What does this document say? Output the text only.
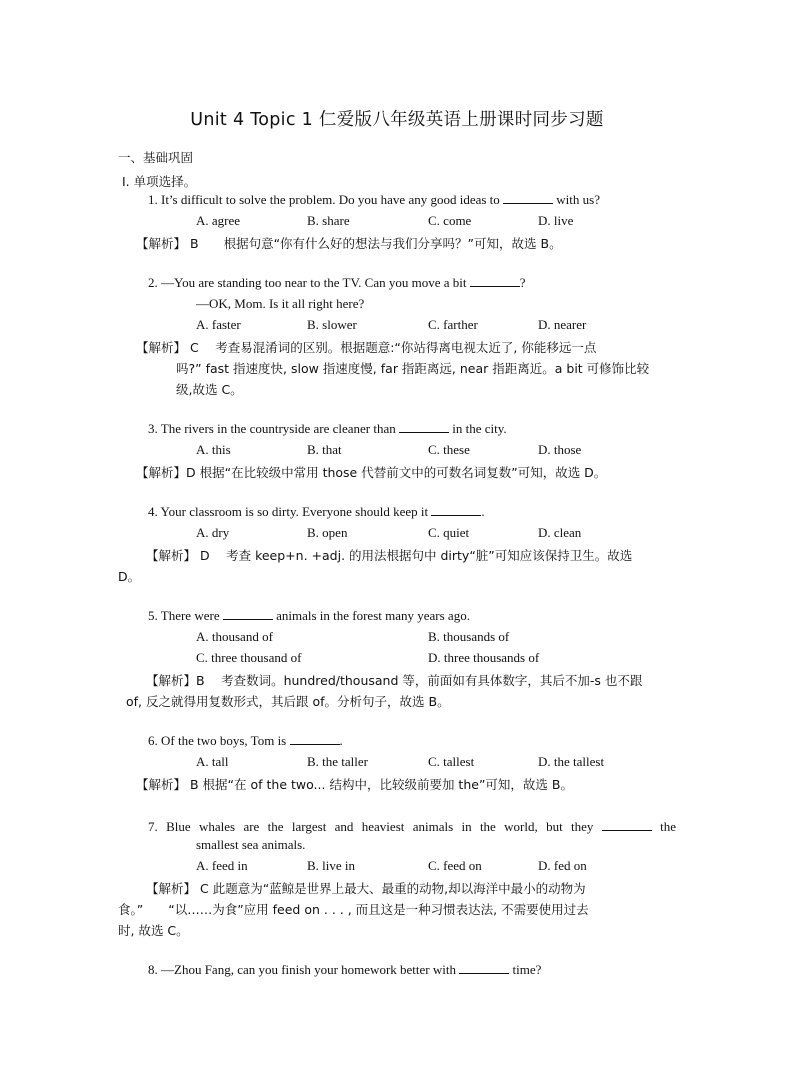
Unit 4 Topic 1 仁爱版八年级英语上册课时同步习题
一、基础巩固
Ⅰ. 单项选择。
1. It’s difficult to solve the problem. Do you have any good ideas to	with us?
A. agree	B. share	C. come	D. live
【解析】 B　　根据句意“你有什么好的想法与我们分享吗？”可知，故选 B。
2. —You are standing too near to the TV. Can you move a bit	?
—OK, Mom. Is it all right here?
A. faster	B. slower	C. farther	D. nearer
【解析】 C　 考查易混淆词的区别。根据题意:“你站得离电视太近了, 你能移远一点
吗?” fast 指速度快, slow 指速度慢, far 指距离远, near 指距离近。a bit 可修饰比较
级,故选 C。
3. The rivers in the countryside are cleaner than	in the city.
A. this	B. that	C. these	D. those
【解析】D 根据“在比较级中常用 those 代替前文中的可数名词复数”可知，故选 D。
4. Your classroom is so dirty. Everyone should keep it	.
A. dry	B. open	C. quiet	D. clean
【解析】 D　 考查 keep+n. +adj. 的用法根据句中 dirty“脏”可知应该保持卫生。故选
D。
5. There were	animals in the forest many years ago.
A. thousand of	B. thousands of
C. three thousand of	D. three thousands of
【解析】B　 考查数词。hundred/thousand 等，前面如有具体数字，其后不加-s 也不跟
of, 反之就得用复数形式，其后跟 of。分析句子，故选 B。
6. Of the two boys, Tom is	.
A. tall	B. the taller	C. tallest	D. the tallest
【解析】 B 根据“在 of the two... 结构中，比较级前要加 the”可知，故选 B。
7. Blue whales are the largest and heaviest animals in the world, but they	the
smallest sea animals.
A. feed in	B. live in	C. feed on	D. fed on
【解析】 C 此题意为“蓝鲸是世界上最大、最重的动物,却以海洋中最小的动物为
食。”　　“以……为食”应用 feed on . . . , 而且这是一种习惯表达法, 不需要使用过去
时, 故选 C。
8. —Zhou Fang, can you finish your homework better with	time?
